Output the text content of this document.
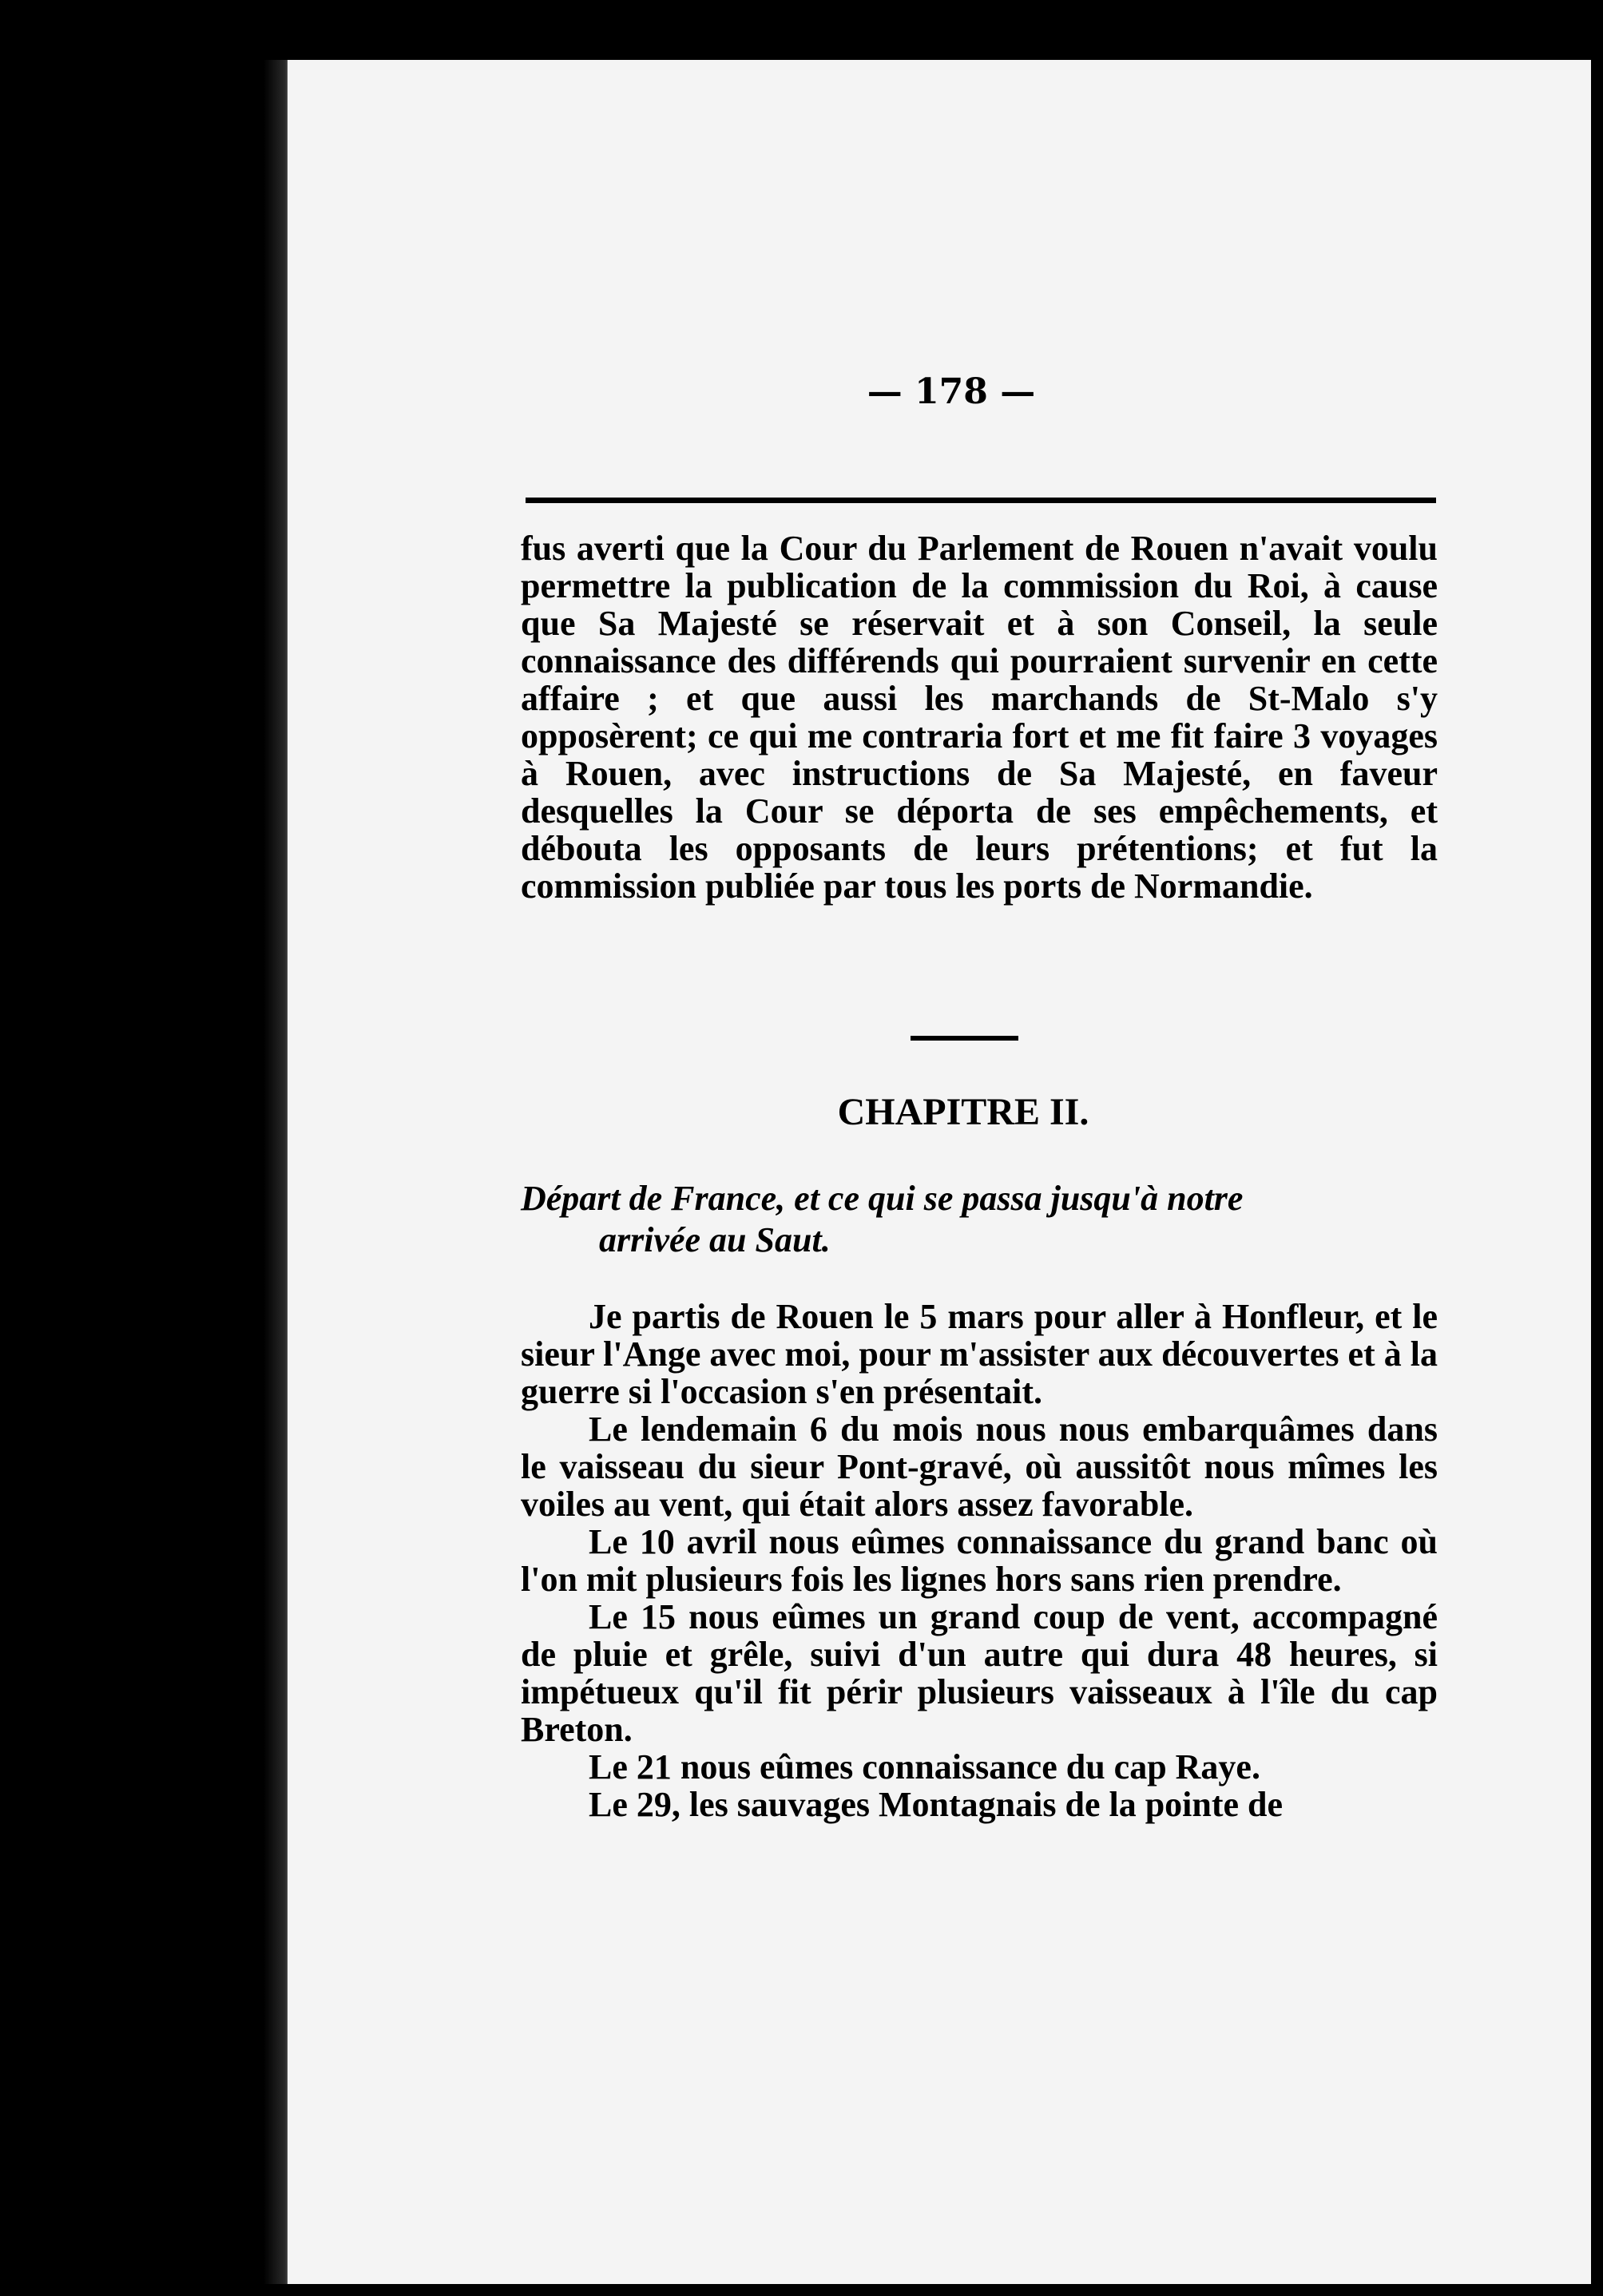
— 178 —
fus averti que la Cour du Parlement de Rouen n'avait voulu permettre la publication de la commission du Roi, à cause que Sa Majesté se réservait et à son Conseil, la seule connaissance des différends qui pourraient survenir en cette affaire ; et que aussi les marchands de St-Malo s'y opposèrent; ce qui me contraria fort et me fit faire 3 voyages à Rouen, avec instructions de Sa Majesté, en faveur desquelles la Cour se déporta de ses empêchements, et débouta les opposants de leurs prétentions; et fut la commission publiée par tous les ports de Normandie.
CHAPITRE II.
Départ de France, et ce qui se passa jusqu'à notre
arrivée au Saut.

Je partis de Rouen le 5 mars pour aller à Honfleur, et le sieur l'Ange avec moi, pour m'assister aux découvertes et à la guerre si l'occasion s'en présentait.

Le lendemain 6 du mois nous nous embarquâmes dans le vaisseau du sieur Pont-gravé, où aussitôt nous mîmes les voiles au vent, qui était alors assez favorable.

Le 10 avril nous eûmes connaissance du grand banc où l'on mit plusieurs fois les lignes hors sans rien prendre.

Le 15 nous eûmes un grand coup de vent, accompagné de pluie et grêle, suivi d'un autre qui dura 48 heures, si impétueux qu'il fit périr plusieurs vaisseaux à l'île du cap Breton.

Le 21 nous eûmes connaissance du cap Raye.

Le 29, les sauvages Montagnais de la pointe de
